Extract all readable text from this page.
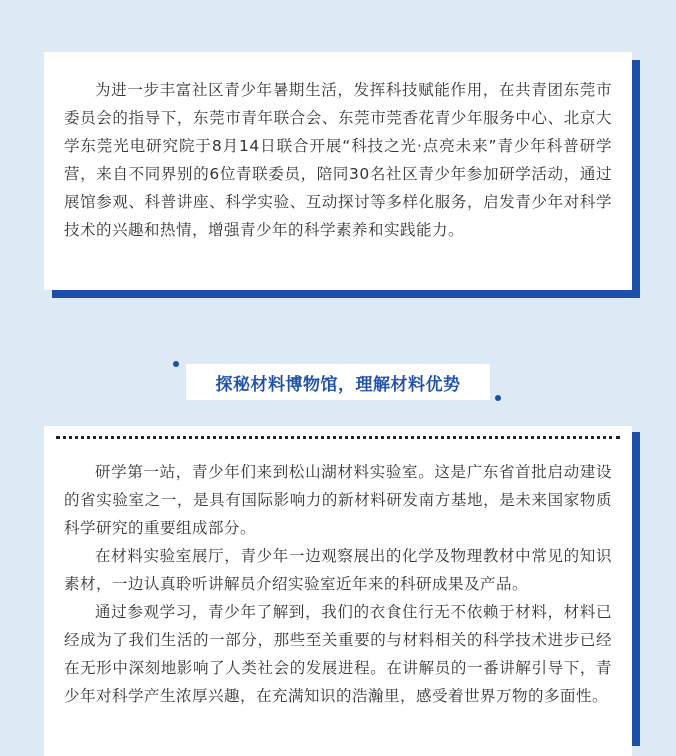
为进一步丰富社区青少年暑期生活，发挥科技赋能作用，在共青团东莞市委员会的指导下，东莞市青年联合会、东莞市莞香花青少年服务中心、北京大学东莞光电研究院于8月14日联合开展“科技之光·点亮未来”青少年科普研学营，来自不同界别的6位青联委员，陪同30名社区青少年参加研学活动，通过展馆参观、科普讲座、科学实验、互动探讨等多样化服务，启发青少年对科学技术的兴趣和热情，增强青少年的科学素养和实践能力。

探秘材料博物馆，理解材料优势

研学第一站，青少年们来到松山湖材料实验室。这是广东省首批启动建设的省实验室之一，是具有国际影响力的新材料研发南方基地，是未来国家物质科学研究的重要组成部分。

在材料实验室展厅，青少年一边观察展出的化学及物理教材中常见的知识素材，一边认真聆听讲解员介绍实验室近年来的科研成果及产品。

通过参观学习，青少年了解到，我们的衣食住行无不依赖于材料，材料已经成为了我们生活的一部分，那些至关重要的与材料相关的科学技术进步已经在无形中深刻地影响了人类社会的发展进程。在讲解员的一番讲解引导下，青少年对科学产生浓厚兴趣，在充满知识的浩瀚里，感受着世界万物的多面性。
